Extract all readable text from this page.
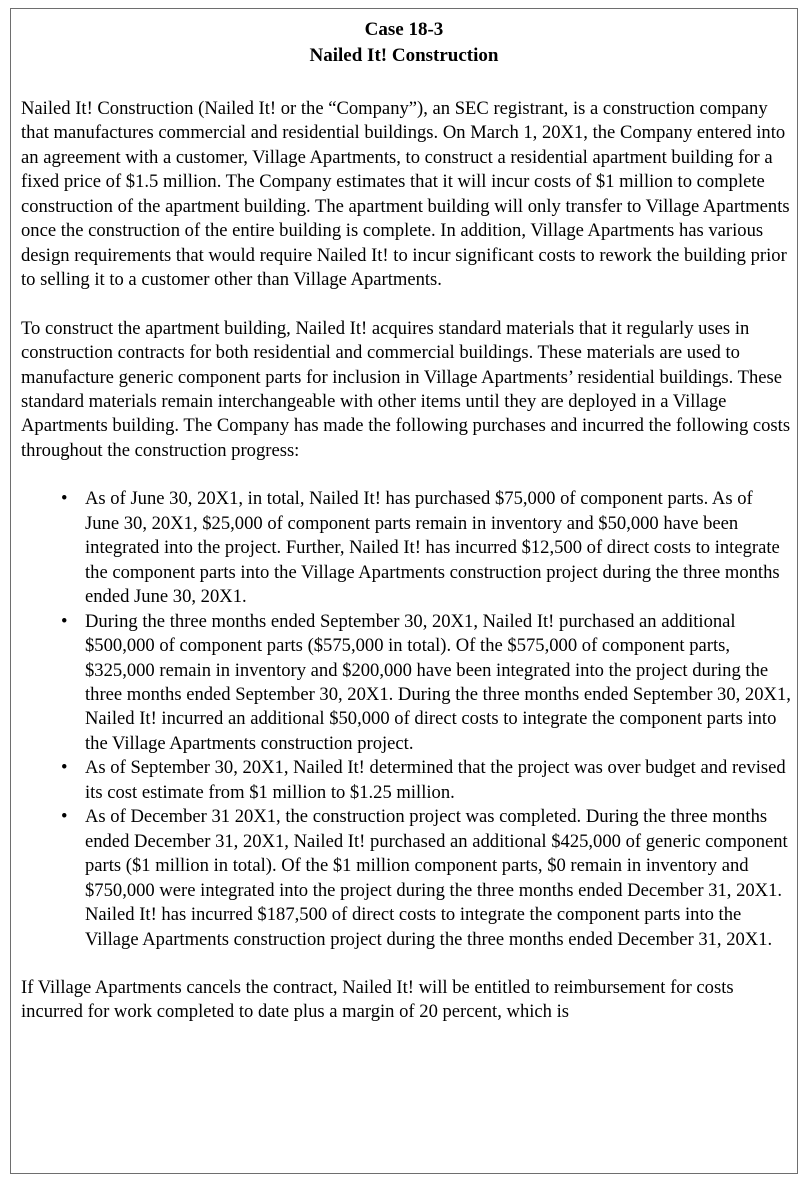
Case 18-3
Nailed It! Construction

Nailed It! Construction (Nailed It! or the “Company”), an SEC registrant, is a construction company that manufactures commercial and residential buildings. On March 1, 20X1, the Company entered into an agreement with a customer, Village Apartments, to construct a residential apartment building for a fixed price of $1.5 million. The Company estimates that it will incur costs of $1 million to complete construction of the apartment building. The apartment building will only transfer to Village Apartments once the construction of the entire building is complete. In addition, Village Apartments has various design requirements that would require Nailed It! to incur significant costs to rework the building prior to selling it to a customer other than Village Apartments.

To construct the apartment building, Nailed It! acquires standard materials that it regularly uses in construction contracts for both residential and commercial buildings. These materials are used to manufacture generic component parts for inclusion in Village Apartments’ residential buildings. These standard materials remain interchangeable with other items until they are deployed in a Village Apartments building. The Company has made the following purchases and incurred the following costs throughout the construction progress:

• As of June 30, 20X1, in total, Nailed It! has purchased $75,000 of component parts. As of June 30, 20X1, $25,000 of component parts remain in inventory and $50,000 have been integrated into the project. Further, Nailed It! has incurred $12,500 of direct costs to integrate the component parts into the Village Apartments construction project during the three months ended June 30, 20X1.
• During the three months ended September 30, 20X1, Nailed It! purchased an additional $500,000 of component parts ($575,000 in total). Of the $575,000 of component parts, $325,000 remain in inventory and $200,000 have been integrated into the project during the three months ended September 30, 20X1. During the three months ended September 30, 20X1, Nailed It! incurred an additional $50,000 of direct costs to integrate the component parts into the Village Apartments construction project.
• As of September 30, 20X1, Nailed It! determined that the project was over budget and revised its cost estimate from $1 million to $1.25 million.
• As of December 31 20X1, the construction project was completed. During the three months ended December 31, 20X1, Nailed It! purchased an additional $425,000 of generic component parts ($1 million in total). Of the $1 million component parts, $0 remain in inventory and $750,000 were integrated into the project during the three months ended December 31, 20X1. Nailed It! has incurred $187,500 of direct costs to integrate the component parts into the Village Apartments construction project during the three months ended December 31, 20X1.

If Village Apartments cancels the contract, Nailed It! will be entitled to reimbursement for costs incurred for work completed to date plus a margin of 20 percent, which is
